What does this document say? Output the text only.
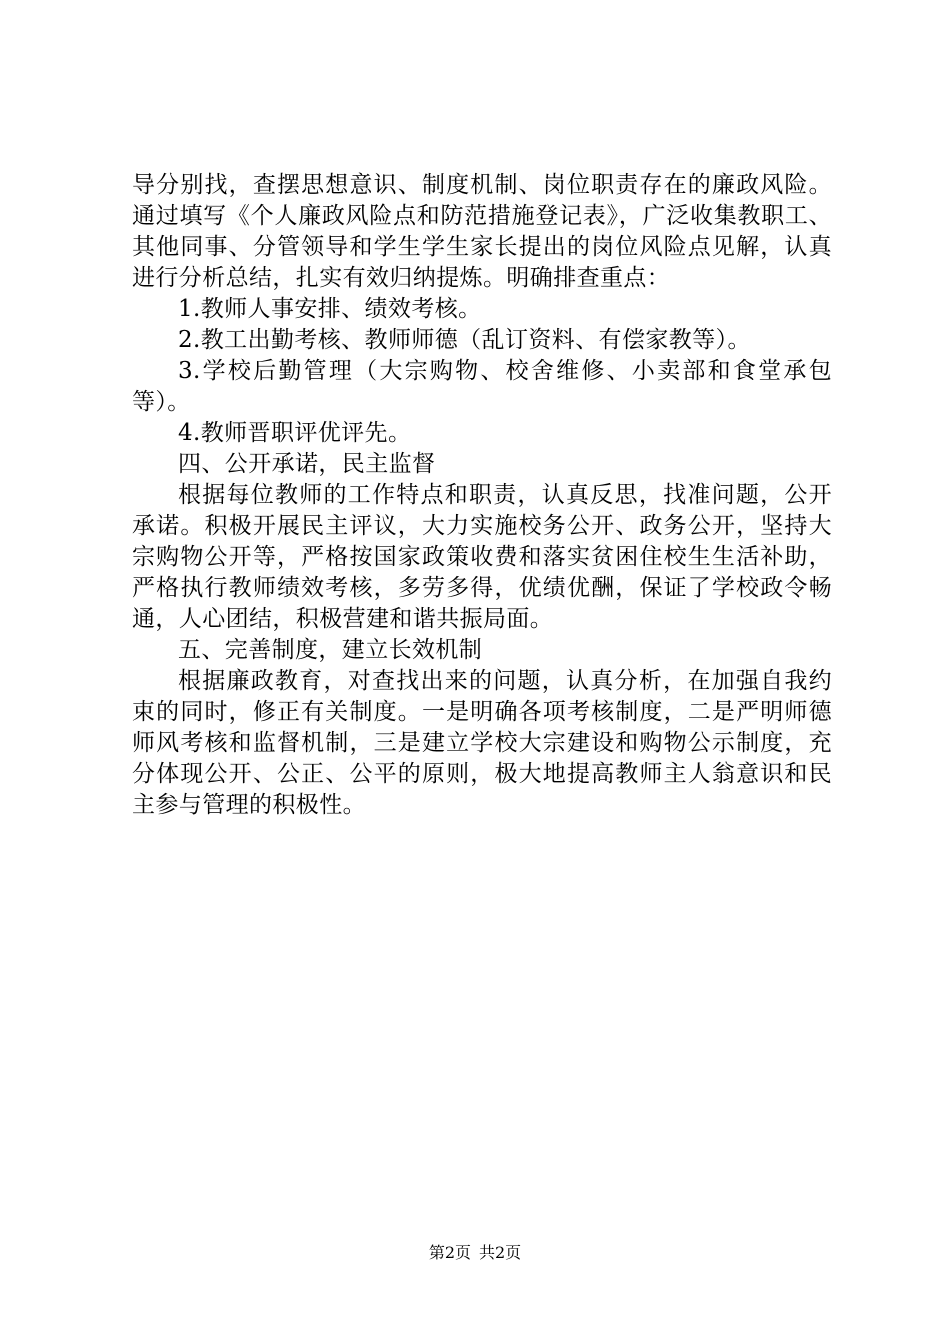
导分别找，查摆思想意识、制度机制、岗位职责存在的廉政风险。通过填写《个人廉政风险点和防范措施登记表》，广泛收集教职工、其他同事、分管领导和学生学生家长提出的岗位风险点见解，认真进行分析总结，扎实有效归纳提炼。明确排查重点：

1.教师人事安排、绩效考核。

2.教工出勤考核、教师师德（乱订资料、有偿家教等）。

3.学校后勤管理（大宗购物、校舍维修、小卖部和食堂承包等）。

4.教师晋职评优评先。

四、公开承诺，民主监督

根据每位教师的工作特点和职责，认真反思，找准问题，公开承诺。积极开展民主评议，大力实施校务公开、政务公开，坚持大宗购物公开等，严格按国家政策收费和落实贫困住校生生活补助，严格执行教师绩效考核，多劳多得，优绩优酬，保证了学校政令畅通，人心团结，积极营建和谐共振局面。

五、完善制度，建立长效机制

根据廉政教育，对查找出来的问题，认真分析，在加强自我约束的同时，修正有关制度。一是明确各项考核制度，二是严明师德师风考核和监督机制，三是建立学校大宗建设和购物公示制度，充分体现公开、公正、公平的原则，极大地提高教师主人翁意识和民主参与管理的积极性。

第2页 共2页
